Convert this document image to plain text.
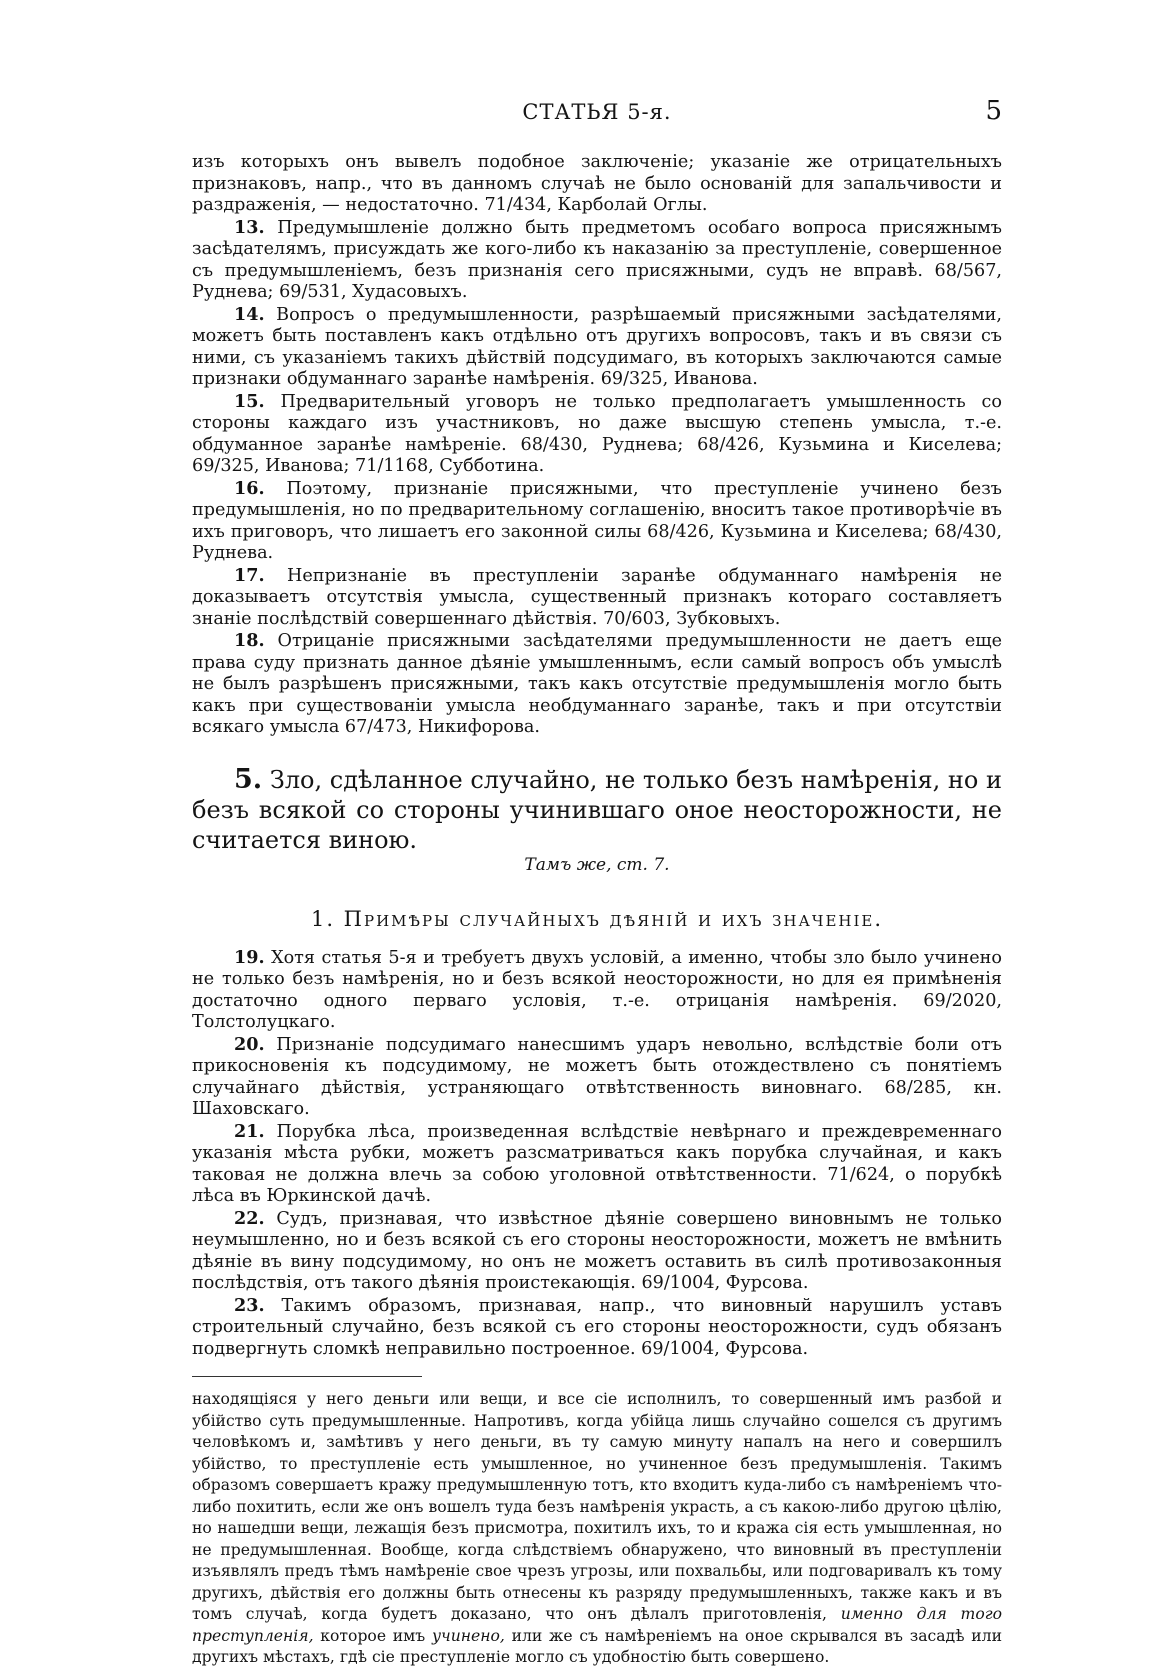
СТАТЬЯ 5-я.	5

изъ которыхъ онъ вывелъ подобное заключеніе; указаніе же отрицательныхъ признаковъ, напр., что въ данномъ случаѣ не было основаній для запальчивости и раздраженія, — недостаточно. 71/434, Карболай Оглы.

13. Предумышленіе должно быть предметомъ особаго вопроса присяжнымъ засѣдателямъ, присуждать же кого-либо къ наказанію за преступленіе, совершенное съ предумышленіемъ, безъ признанія сего присяжными, судъ не вправѣ. 68/567, Руднева; 69/531, Худасовыхъ.

14. Вопросъ о предумышленности, разрѣшаемый присяжными засѣдателями, можетъ быть поставленъ какъ отдѣльно отъ другихъ вопросовъ, такъ и въ связи съ ними, съ указаніемъ такихъ дѣйствій подсудимаго, въ которыхъ заключаются самые признаки обдуманнаго заранѣе намѣренія. 69/325, Иванова.

15. Предварительный уговоръ не только предполагаетъ умышленность со стороны каждаго изъ участниковъ, но даже высшую степень умысла, т.-е. обдуманное заранѣе намѣреніе. 68/430, Руднева; 68/426, Кузьмина и Киселева; 69/325, Иванова; 71/1168, Субботина.

16. Поэтому, признаніе присяжными, что преступленіе учинено безъ предумышленія, но по предварительному соглашенію, вноситъ такое противорѣчіе въ ихъ приговоръ, что лишаетъ его законной силы 68/426, Кузьмина и Киселева; 68/430, Руднева.

17. Непризнаніе въ преступленіи заранѣе обдуманнаго намѣренія не доказываетъ отсутствія умысла, существенный признакъ котораго составляетъ знаніе послѣдствій совершеннаго дѣйствія. 70/603, Зубковыхъ.

18. Отрицаніе присяжными засѣдателями предумышленности не даетъ еще права суду признать данное дѣяніе умышленнымъ, если самый вопросъ объ умыслѣ не былъ разрѣшенъ присяжными, такъ какъ отсутствіе предумышленія могло быть какъ при существованіи умысла необдуманнаго заранѣе, такъ и при отсутствіи всякаго умысла 67/473, Никифорова.

5. Зло, сдѣланное случайно, не только безъ намѣренія, но и безъ всякой со стороны учинившаго оное неосторожности, не считается виною.

Тамъ же, ст. 7.

1. Примѣры случайныхъ дѣяній и ихъ значеніе.

19. Хотя статья 5-я и требуетъ двухъ условій, а именно, чтобы зло было учинено не только безъ намѣренія, но и безъ всякой неосторожности, но для ея примѣненія достаточно одного перваго условія, т.-е. отрицанія намѣренія. 69/2020, Толстолуцкаго.

20. Признаніе подсудимаго нанесшимъ ударъ невольно, вслѣдствіе боли отъ прикосновенія къ подсудимому, не можетъ быть отождествлено съ понятіемъ случайнаго дѣйствія, устраняющаго отвѣтственность виновнаго. 68/285, кн. Шаховскаго.

21. Порубка лѣса, произведенная вслѣдствіе невѣрнаго и преждевременнаго указанія мѣста рубки, можетъ разсматриваться какъ порубка случайная, и какъ таковая не должна влечь за собою уголовной отвѣтственности. 71/624, о порубкѣ лѣса въ Юркинской дачѣ.

22. Судъ, признавая, что извѣстное дѣяніе совершено виновнымъ не только неумышленно, но и безъ всякой съ его стороны неосторожности, можетъ не вмѣнить дѣяніе въ вину подсудимому, но онъ не можетъ оставить въ силѣ противозаконныя послѣдствія, отъ такого дѣянія проистекающія. 69/1004, Фурсова.

23. Такимъ образомъ, признавая, напр., что виновный нарушилъ уставъ строительный случайно, безъ всякой съ его стороны неосторожности, судъ обязанъ подвергнуть сломкѣ неправильно построенное. 69/1004, Фурсова.

находящіяся у него деньги или вещи, и все сіе исполнилъ, то совершенный имъ разбой и убійство суть предумышленные. Напротивъ, когда убійца лишь случайно сошелся съ другимъ человѣкомъ и, замѣтивъ у него деньги, въ ту самую минуту напалъ на него и совершилъ убійство, то преступленіе есть умышленное, но учиненное безъ предумышленія. Такимъ образомъ совершаетъ кражу предумышленную тотъ, кто входитъ куда-либо съ намѣреніемъ что-либо похитить, если же онъ вошелъ туда безъ намѣренія украсть, а съ какою-либо другою цѣлію, но нашедши вещи, лежащія безъ присмотра, похитилъ ихъ, то и кража сія есть умышленная, но не предумышленная. Вообще, когда слѣдствіемъ обнаружено, что виновный въ преступленіи изъявлялъ предъ тѣмъ намѣреніе свое чрезъ угрозы, или похвальбы, или подговаривалъ къ тому другихъ, дѣйствія его должны быть отнесены къ разряду предумышленныхъ, также какъ и въ томъ случаѣ, когда будетъ доказано, что онъ дѣлалъ приготовленія, именно для того преступленія, которое имъ учинено, или же съ намѣреніемъ на оное скрывался въ засадѣ или другихъ мѣстахъ, гдѣ сіе преступленіе могло съ удобностію быть совершено.
